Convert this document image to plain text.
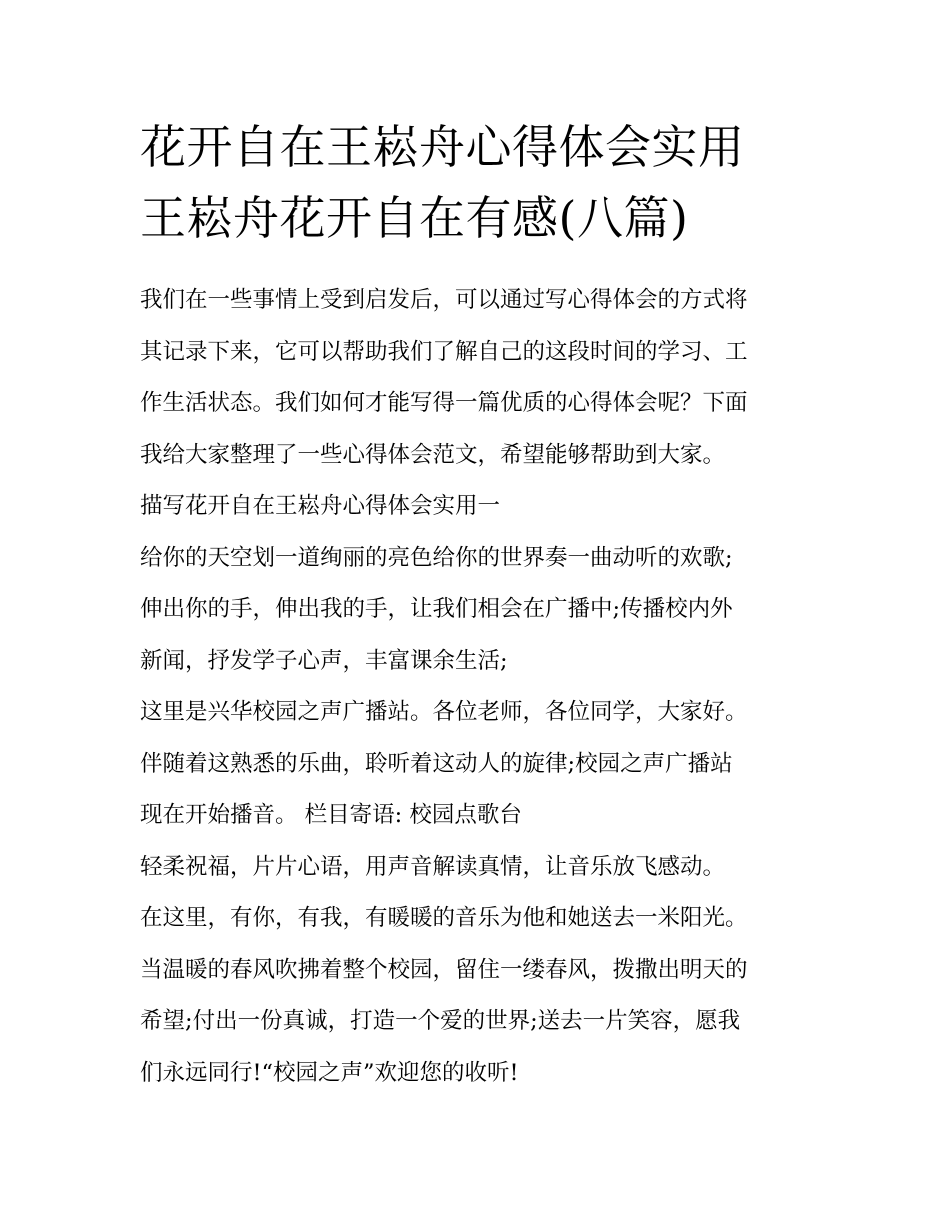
花开自在王崧舟心得体会实用
王崧舟花开自在有感(八篇)
我们在一些事情上受到启发后，可以通过写心得体会的方式将
其记录下来，它可以帮助我们了解自己的这段时间的学习、工
作生活状态。我们如何才能写得一篇优质的心得体会呢？下面
我给大家整理了一些心得体会范文，希望能够帮助到大家。
描写花开自在王崧舟心得体会实用一
给你的天空划一道绚丽的亮色给你的世界奏一曲动听的欢歌;
伸出你的手，伸出我的手，让我们相会在广播中;传播校内外
新闻，抒发学子心声，丰富课余生活;
这里是兴华校园之声广播站。各位老师，各位同学，大家好。
伴随着这熟悉的乐曲，聆听着这动人的旋律;校园之声广播站
现在开始播音。 栏目寄语: 校园点歌台
轻柔祝福，片片心语，用声音解读真情，让音乐放飞感动。
在这里，有你，有我，有暖暖的音乐为他和她送去一米阳光。
当温暖的春风吹拂着整个校园，留住一缕春风，拨撒出明天的
希望;付出一份真诚，打造一个爱的世界;送去一片笑容，愿我
们永远同行!“校园之声”欢迎您的收听!
